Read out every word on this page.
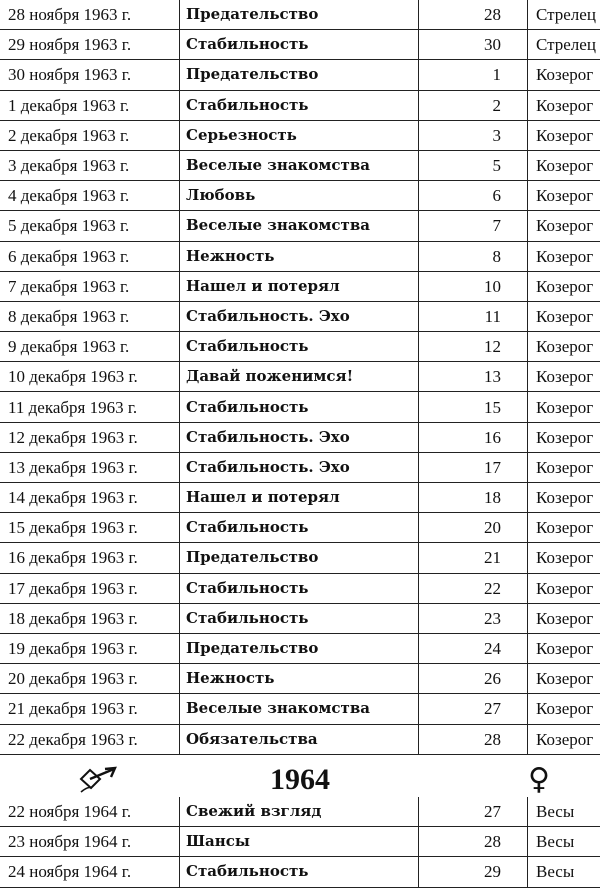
28 ноября 1963 г.	Предательство	28	Стрелец
29 ноября 1963 г.	Стабильность	30	Стрелец
30 ноября 1963 г.	Предательство	1	Козерог
1 декабря 1963 г.	Стабильность	2	Козерог
2 декабря 1963 г.	Серьезность	3	Козерог
3 декабря 1963 г.	Веселые знакомства	5	Козерог
4 декабря 1963 г.	Любовь	6	Козерог
5 декабря 1963 г.	Веселые знакомства	7	Козерог
6 декабря 1963 г.	Нежность	8	Козерог
7 декабря 1963 г.	Нашел и потерял	10	Козерог
8 декабря 1963 г.	Стабильность. Эхо	11	Козерог
9 декабря 1963 г.	Стабильность	12	Козерог
10 декабря 1963 г.	Давай поженимся!	13	Козерог
11 декабря 1963 г.	Стабильность	15	Козерог
12 декабря 1963 г.	Стабильность. Эхо	16	Козерог
13 декабря 1963 г.	Стабильность. Эхо	17	Козерог
14 декабря 1963 г.	Нашел и потерял	18	Козерог
15 декабря 1963 г.	Стабильность	20	Козерог
16 декабря 1963 г.	Предательство	21	Козерог
17 декабря 1963 г.	Стабильность	22	Козерог
18 декабря 1963 г.	Стабильность	23	Козерог
19 декабря 1963 г.	Предательство	24	Козерог
20 декабря 1963 г.	Нежность	26	Козерог
21 декабря 1963 г.	Веселые знакомства	27	Козерог
22 декабря 1963 г.	Обязательства	28	Козерог
1964	♀
22 ноября 1964 г.	Свежий взгляд	27	Весы
23 ноября 1964 г.	Шансы	28	Весы
24 ноября 1964 г.	Стабильность	29	Весы
